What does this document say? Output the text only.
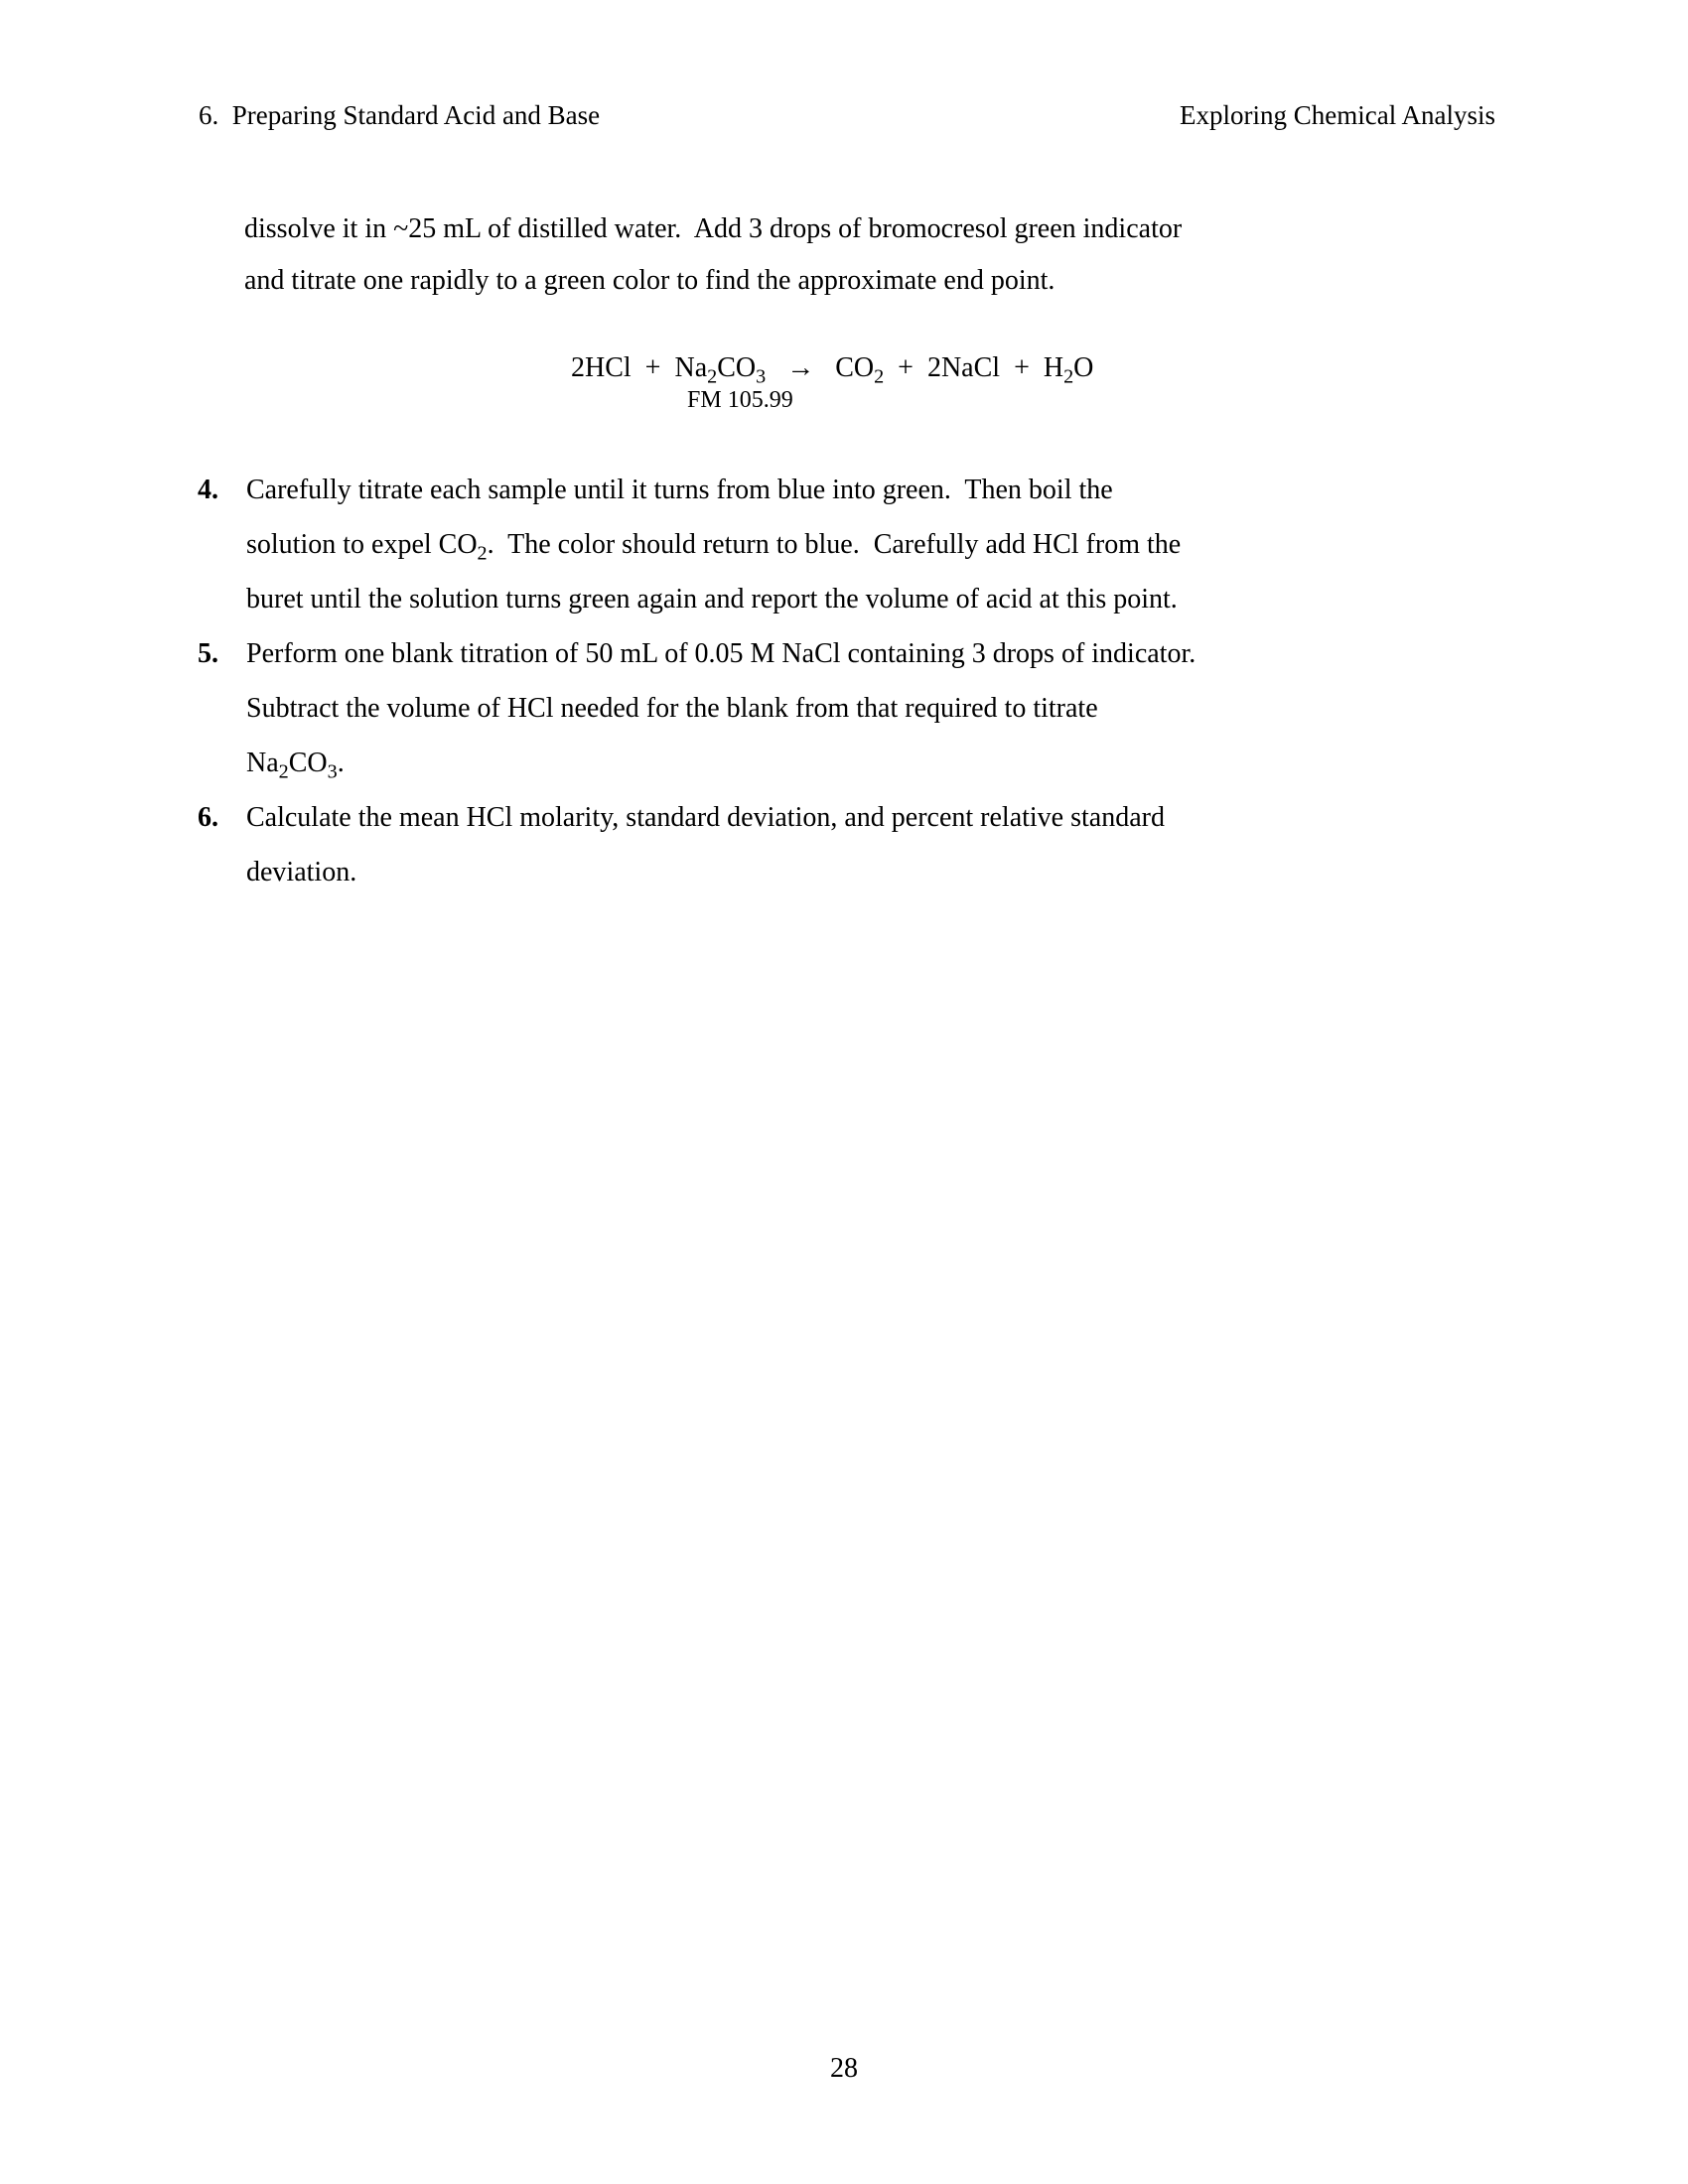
6.  Preparing Standard Acid and Base	Exploring Chemical Analysis
dissolve it in ~25 mL of distilled water.  Add 3 drops of bromocresol green indicator
and titrate one rapidly to a green color to find the approximate end point.
$2HCl + Na_2CO_3 \to CO_2$  +  2NaCl  +  $H_2O$
FM 105.99
4. Carefully titrate each sample until it turns from blue into green.  Then boil the
solution to expel $CO_2$.  The color should return to blue.  Carefully add HCl from the
buret until the solution turns green again and report the volume of acid at this point.
5. Perform one blank titration of 50 mL of 0.05 M NaCl containing 3 drops of indicator.
Subtract the volume of HCl needed for the blank from that required to titrate
$Na_2CO_3$.
6. Calculate the mean HCl molarity, standard deviation, and percent relative standard
deviation.
28
